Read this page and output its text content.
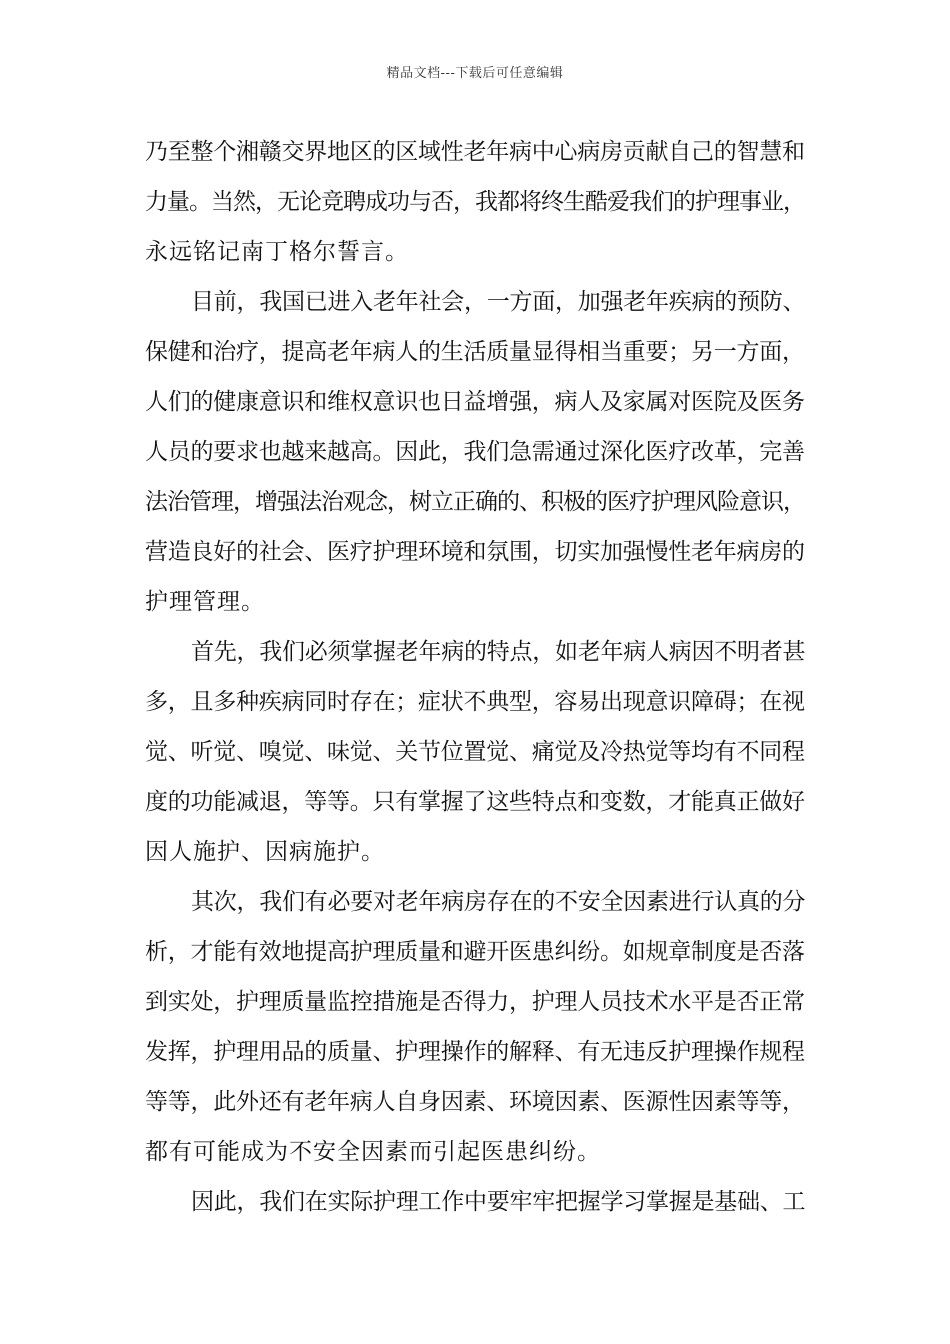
精品文档---下载后可任意编辑
乃至整个湘赣交界地区的区域性老年病中心病房贡献自己的智慧和
力量。当然，无论竞聘成功与否，我都将终生酷爱我们的护理事业，
永远铭记南丁格尔誓言。
目前，我国已进入老年社会，一方面，加强老年疾病的预防、
保健和治疗，提高老年病人的生活质量显得相当重要；另一方面，
人们的健康意识和维权意识也日益增强，病人及家属对医院及医务
人员的要求也越来越高。因此，我们急需通过深化医疗改革，完善
法治管理，增强法治观念，树立正确的、积极的医疗护理风险意识，
营造良好的社会、医疗护理环境和氛围，切实加强慢性老年病房的
护理管理。
首先，我们必须掌握老年病的特点，如老年病人病因不明者甚
多，且多种疾病同时存在；症状不典型，容易出现意识障碍；在视
觉、听觉、嗅觉、味觉、关节位置觉、痛觉及冷热觉等均有不同程
度的功能减退，等等。只有掌握了这些特点和变数，才能真正做好
因人施护、因病施护。
其次，我们有必要对老年病房存在的不安全因素进行认真的分
析，才能有效地提高护理质量和避开医患纠纷。如规章制度是否落
到实处，护理质量监控措施是否得力，护理人员技术水平是否正常
发挥，护理用品的质量、护理操作的解释、有无违反护理操作规程
等等，此外还有老年病人自身因素、环境因素、医源性因素等等，
都有可能成为不安全因素而引起医患纠纷。
因此，我们在实际护理工作中要牢牢把握学习掌握是基础、工
